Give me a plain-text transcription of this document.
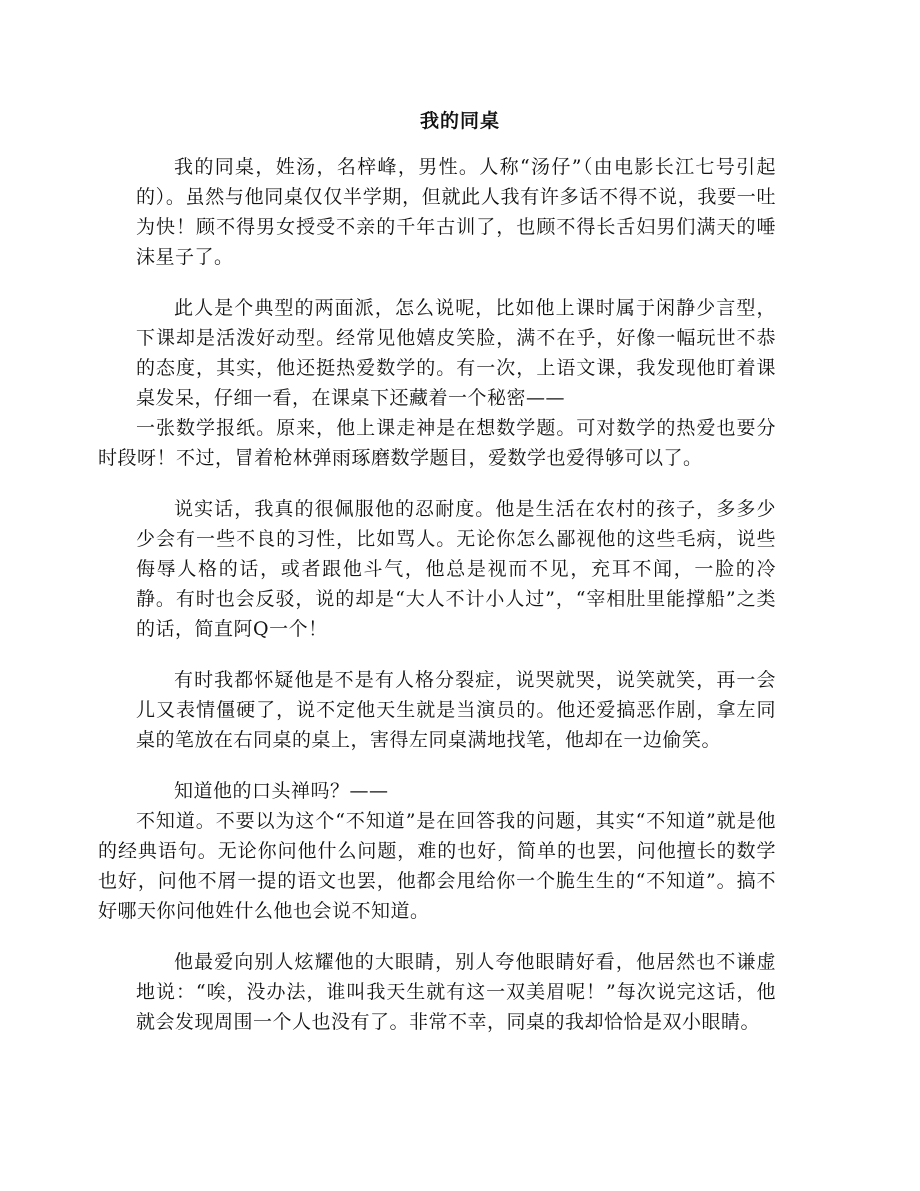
我的同桌

我的同桌，姓汤，名梓峰，男性。人称“汤仔”（由电影长江七号引起的）。虽然与他同桌仅仅半学期，但就此人我有许多话不得不说，我要一吐为快！顾不得男女授受不亲的千年古训了，也顾不得长舌妇男们满天的唾沫星子了。

此人是个典型的两面派，怎么说呢，比如他上课时属于闲静少言型，下课却是活泼好动型。经常见他嬉皮笑脸，满不在乎，好像一幅玩世不恭的态度，其实，他还挺热爱数学的。有一次，上语文课，我发现他盯着课桌发呆，仔细一看，在课桌下还藏着一个秘密——
一张数学报纸。原来，他上课走神是在想数学题。可对数学的热爱也要分时段呀！不过，冒着枪林弹雨琢磨数学题目，爱数学也爱得够可以了。

说实话，我真的很佩服他的忍耐度。他是生活在农村的孩子，多多少少会有一些不良的习性，比如骂人。无论你怎么鄙视他的这些毛病，说些侮辱人格的话，或者跟他斗气，他总是视而不见，充耳不闻，一脸的冷静。有时也会反驳，说的却是“大人不计小人过”，“宰相肚里能撑船”之类的话，简直阿Q一个！

有时我都怀疑他是不是有人格分裂症，说哭就哭，说笑就笑，再一会儿又表情僵硬了，说不定他天生就是当演员的。他还爱搞恶作剧，拿左同桌的笔放在右同桌的桌上，害得左同桌满地找笔，他却在一边偷笑。

知道他的口头禅吗？——
不知道。不要以为这个“不知道”是在回答我的问题，其实“不知道”就是他的经典语句。无论你问他什么问题，难的也好，简单的也罢，问他擅长的数学也好，问他不屑一提的语文也罢，他都会甩给你一个脆生生的“不知道”。搞不好哪天你问他姓什么他也会说不知道。

他最爱向别人炫耀他的大眼睛，别人夸他眼睛好看，他居然也不谦虚地说：“唉，没办法，谁叫我天生就有这一双美眉呢！”每次说完这话，他就会发现周围一个人也没有了。非常不幸，同桌的我却恰恰是双小眼睛。
